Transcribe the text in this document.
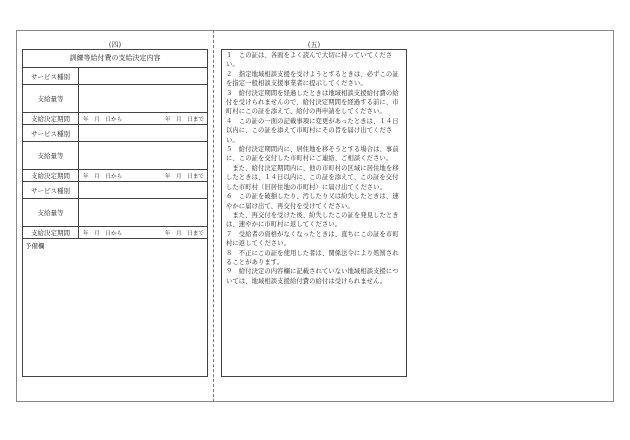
(四)	(五)
訓練等給付費の支給決定内容
サービス種別
支給量等
支給決定期間	年　月　日から	年　月　日まで
サービス種別
支給量等
支給決定期間	年　月　日から	年　月　日まで
サービス種別
支給量等
支給決定期間	年　月　日から	年　月　日まで
予備欄

１　この証は、各面をよく読んで大切に持っていてください。

２　指定地域相談支援を受けようとするときは、必ずこの証を指定一般相談支援事業者に提示してください。

３　給付決定期間を経過したときは地域相談支援給付費の給付を受けられませんので、給付決定期間を経過する前に、市町村にこの証を添えて、給付の再申請をしてください。

４　この証の一面の記載事項に変更があったときは、１４日以内に、この証を添えて市町村にその旨を届け出てください。

５　給付決定期間内に、居住地を移そうとする場合は、事前に、この証を交付した市町村にご連絡、ご相談ください。

　また、給付決定期間内に、他の市町村の区域に居住地を移したときは、１４日以内に、この証を添えて、この証を交付した市町村（旧居住地の市町村）に届け出てください。

６　この証を破損したり、汚したり又は紛失したときは、速やかに届け出て、再交付を受けてください。

　また、再交付を受けた後、紛失したこの証を発見したときは、速やかに市町村に返してください。

７　受給者の資格がなくなったときは、直ちにこの証を市町村に返してください。

８　不正にこの証を使用した者は、関係法令により処罰されることがあります。

９　給付決定の内容欄に記載されていない地域相談支援については、地域相談支援給付費の給付は受けられません。
